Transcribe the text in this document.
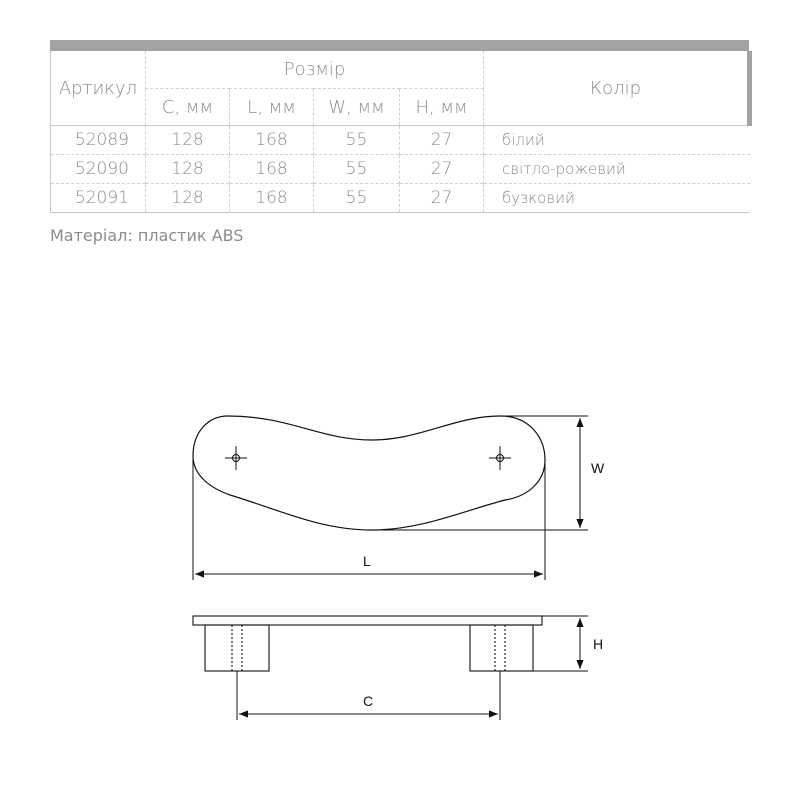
Артикул	Розмір				Колір
	C, мм	L, мм	W, мм	H, мм	
52089	128	168	55	27	білий
52090	128	168	55	27	світло-рожевий
52091	128	168	55	27	бузковий
Матеріал: пластик ABS
W
L
H
C
